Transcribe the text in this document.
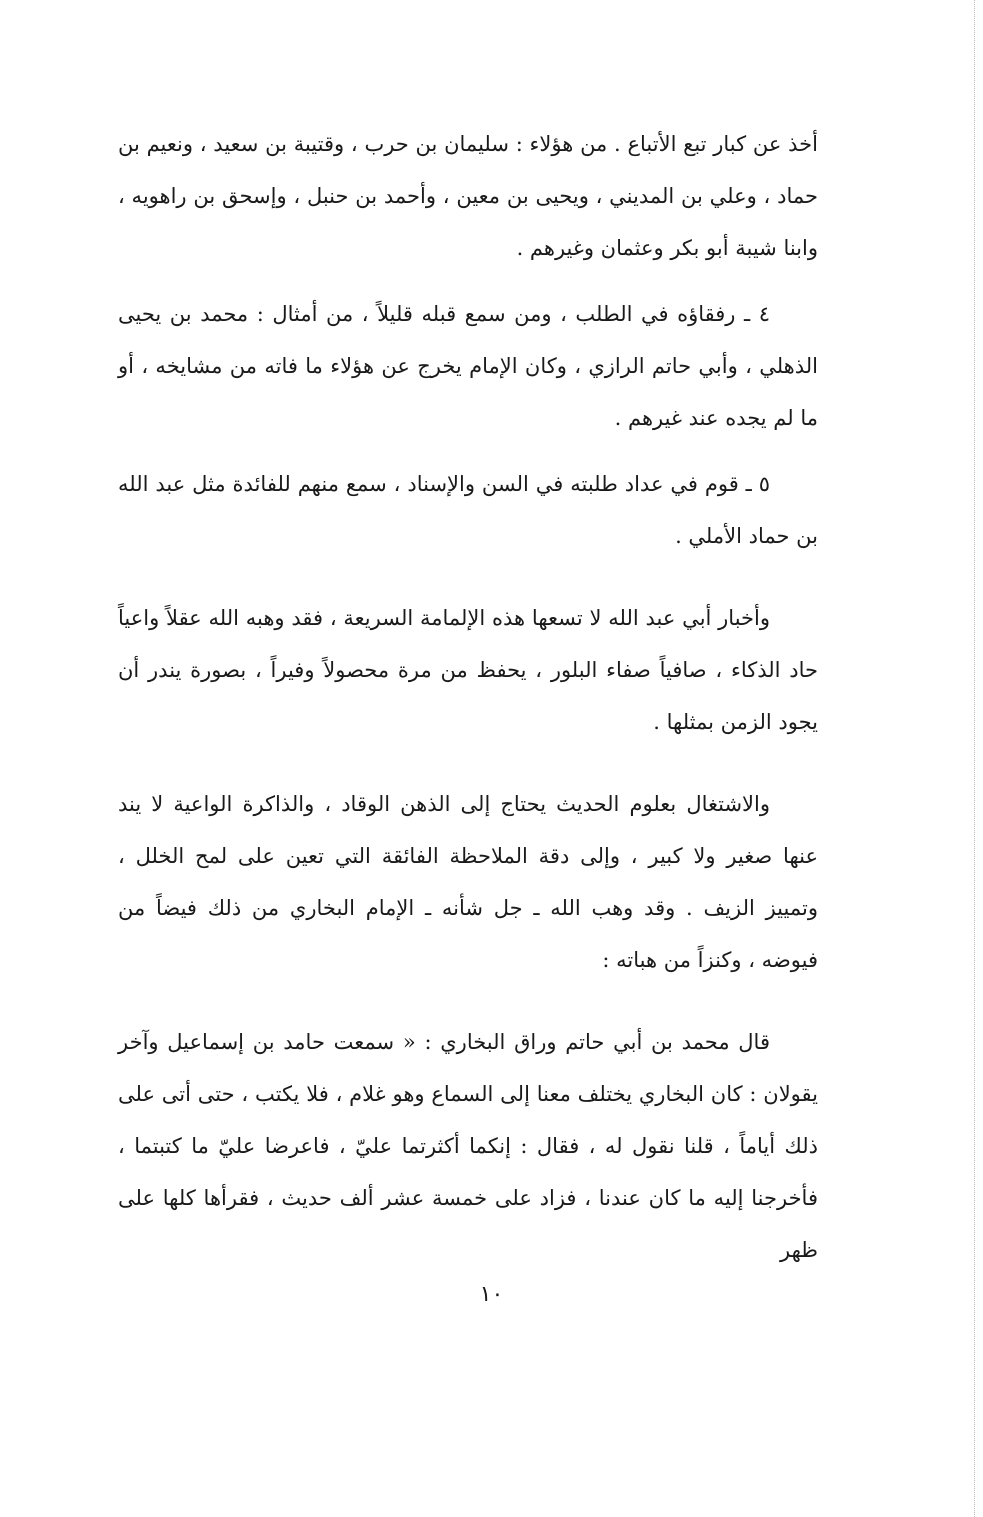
أخذ عن كبار تبع الأتباع . من هؤلاء : سليمان بن حرب ، وقتيبة بن سعيد ، ونعيم بن حماد ، وعلي بن المديني ، ويحيى بن معين ، وأحمد بن حنبل ، وإسحق بن راهويه ، وابنا شيبة أبو بكر وعثمان وغيرهم .

٤ ـ رفقاؤه في الطلب ، ومن سمع قبله قليلاً ، من أمثال : محمد بن يحيى الذهلي ، وأبي حاتم الرازي ، وكان الإمام يخرج عن هؤلاء ما فاته من مشايخه ، أو ما لم يجده عند غيرهم .

٥ ـ قوم في عداد طلبته في السن والإسناد ، سمع منهم للفائدة مثل عبد الله بن حماد الأملي .

وأخبار أبي عبد الله لا تسعها هذه الإلمامة السريعة ، فقد وهبه الله عقلاً واعياً حاد الذكاء ، صافياً صفاء البلور ، يحفظ من مرة محصولاً وفيراً ، بصورة يندر أن يجود الزمن بمثلها .

والاشتغال بعلوم الحديث يحتاج إلى الذهن الوقاد ، والذاكرة الواعية لا يند عنها صغير ولا كبير ، وإلى دقة الملاحظة الفائقة التي تعين على لمح الخلل ، وتمييز الزيف . وقد وهب الله ـ جل شأنه ـ الإمام البخاري من ذلك فيضاً من فيوضه ، وكنزاً من هباته :

قال محمد بن أبي حاتم وراق البخاري : « سمعت حامد بن إسماعيل وآخر يقولان : كان البخاري يختلف معنا إلى السماع وهو غلام ، فلا يكتب ، حتى أتى على ذلك أياماً ، قلنا نقول له ، فقال : إنكما أكثرتما عليّ ، فاعرضا عليّ ما كتبتما ، فأخرجنا إليه ما كان عندنا ، فزاد على خمسة عشر ألف حديث ، فقرأها كلها على ظهر

١٠
